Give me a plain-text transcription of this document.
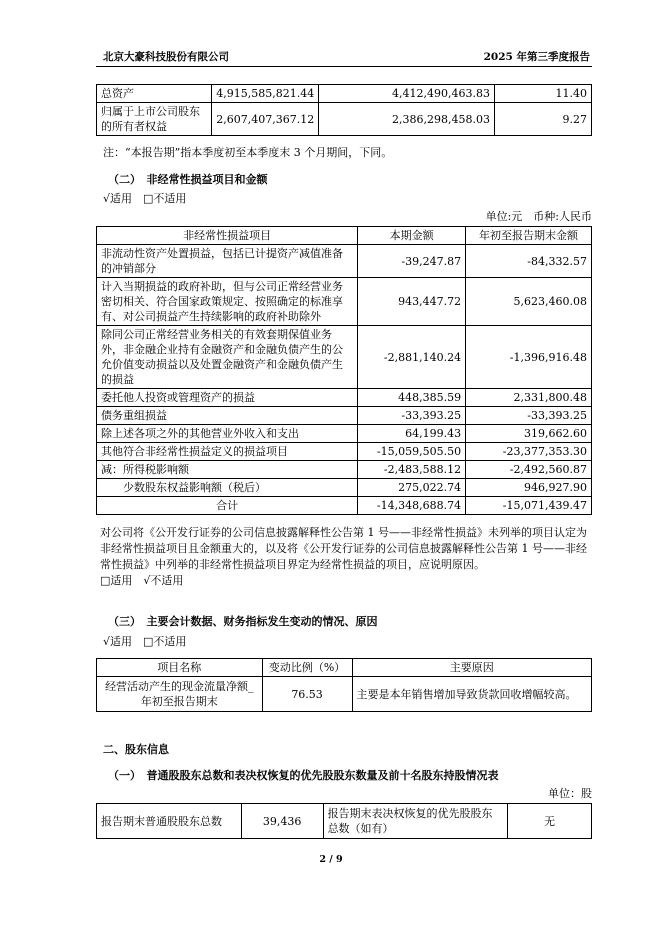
北京大豪科技股份有限公司	2025 年第三季度报告
总资产	4,915,585,821.44	4,412,490,463.83	11.40
归属于上市公司股东的所有者权益	2,607,407,367.12	2,386,298,458.03	9.27
注：“本报告期”指本季度初至本季度末 3 个月期间，下同。
（二）　非经常性损益项目和金额
√适用　□不适用
单位:元　币种:人民币
非经常性损益项目	本期金额	年初至报告期末金额
非流动性资产处置损益，包括已计提资产减值准备的冲销部分	-39,247.87	-84,332.57
计入当期损益的政府补助，但与公司正常经营业务密切相关、符合国家政策规定、按照确定的标准享有、对公司损益产生持续影响的政府补助除外	943,447.72	5,623,460.08
除同公司正常经营业务相关的有效套期保值业务外，非金融企业持有金融资产和金融负债产生的公允价值变动损益以及处置金融资产和金融负债产生的损益	-2,881,140.24	-1,396,916.48
委托他人投资或管理资产的损益	448,385.59	2,331,800.48
债务重组损益	-33,393.25	-33,393.25
除上述各项之外的其他营业外收入和支出	64,199.43	319,662.60
其他符合非经常性损益定义的损益项目	-15,059,505.50	-23,377,353.30
减：所得税影响额	-2,483,588.12	-2,492,560.87
少数股东权益影响额（税后）	275,022.74	946,927.90
合计	-14,348,688.74	-15,071,439.47
对公司将《公开发行证券的公司信息披露解释性公告第 1 号——非经常性损益》未列举的项目认定为非经常性损益项目且金额重大的，以及将《公开发行证券的公司信息披露解释性公告第 1 号——非经常性损益》中列举的非经常性损益项目界定为经常性损益的项目，应说明原因。
□适用　√不适用
（三）　主要会计数据、财务指标发生变动的情况、原因
√适用　□不适用
项目名称	变动比例（%）	主要原因
经营活动产生的现金流量净额_年初至报告期末	76.53	主要是本年销售增加导致货款回收增幅较高。
二、股东信息
（一）　普通股股东总数和表决权恢复的优先股股东数量及前十名股东持股情况表
单位：股
报告期末普通股股东总数	39,436	报告期末表决权恢复的优先股股东总数（如有）	无
2 / 9
